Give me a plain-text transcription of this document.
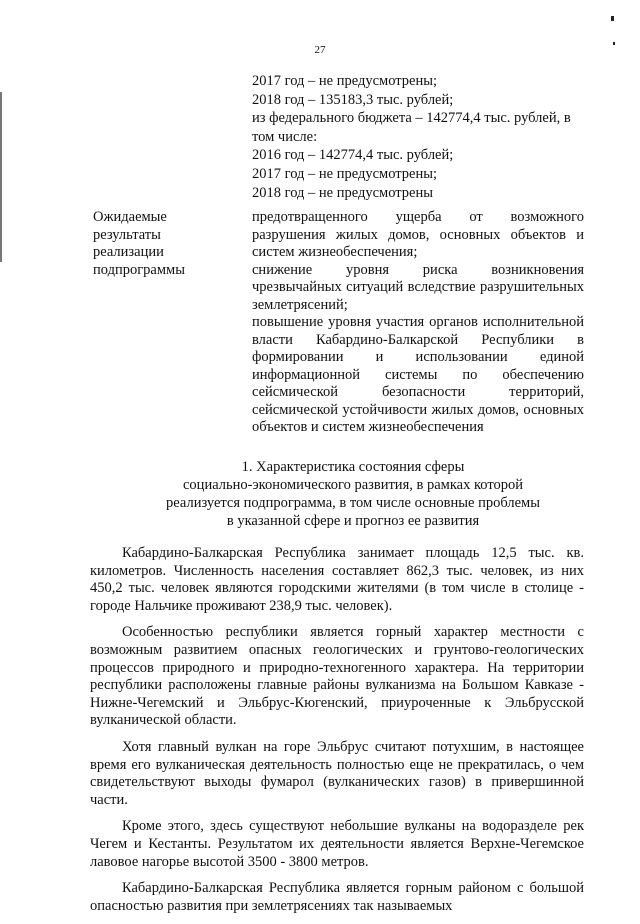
27
2017 год – не предусмотрены;
2018 год – 135183,3 тыс. рублей;
из федерального бюджета – 142774,4 тыс. рублей, в том числе:
2016 год – 142774,4 тыс. рублей;
2017 год – не предусмотрены;
2018 год – не предусмотрены
Ожидаемые результаты реализации подпрограммы

предотвращенного ущерба от возможного разрушения жилых домов, основных объектов и систем жизнеобеспечения;

снижение уровня риска возникновения чрезвычайных ситуаций вследствие разрушительных землетрясений;

повышение уровня участия органов исполнительной власти Кабардино-Балкарской Республики в формировании и использовании единой информационной системы по обеспечению сейсмической безопасности территорий, сейсмической устойчивости жилых домов, основных объектов и систем жизнеобеспечения

1. Характеристика состояния сферы
социально-экономического развития, в рамках которой
реализуется подпрограмма, в том числе основные проблемы
в указанной сфере и прогноз ее развития

Кабардино-Балкарская Республика занимает площадь 12,5 тыс. кв. километров. Численность населения составляет 862,3 тыс. человек, из них 450,2 тыс. человек являются городскими жителями (в том числе в столице - городе Нальчике проживают 238,9 тыс. человек).

Особенностью республики является горный характер местности с возможным развитием опасных геологических и грунтово-геологических процессов природного и природно-техногенного характера. На территории республики расположены главные районы вулканизма на Большом Кавказе - Нижне-Чегемский и Эльбрус-Кюгенский, приуроченные к Эльбрусской вулканической области.

Хотя главный вулкан на горе Эльбрус считают потухшим, в настоящее время его вулканическая деятельность полностью еще не прекратилась, о чем свидетельствуют выходы фумарол (вулканических газов) в привершинной части.

Кроме этого, здесь существуют небольшие вулканы на водоразделе рек Чегем и Кестанты. Результатом их деятельности является Верхне-Чегемское лавовое нагорье высотой 3500 - 3800 метров.

Кабардино-Балкарская Республика является горным районом с большой опасностью развития при землетрясениях так называемых
